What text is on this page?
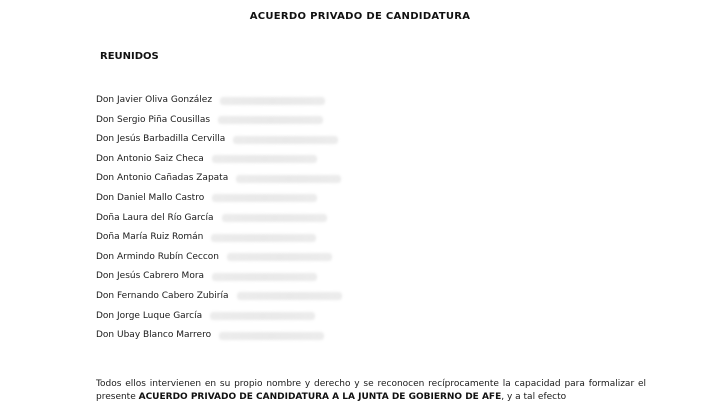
ACUERDO PRIVADO DE CANDIDATURA
REUNIDOS
Don Javier Oliva González
Don Sergio Piña Cousillas
Don Jesús Barbadilla Cervilla
Don Antonio Saiz Checa
Don Antonio Cañadas Zapata
Don Daniel Mallo Castro
Doña Laura del Río García
Doña María Ruiz Román
Don Armindo Rubín Ceccon
Don Jesús Cabrero Mora
Don Fernando Cabero Zubiría
Don Jorge Luque García
Don Ubay Blanco Marrero

Todos ellos intervienen en su propio nombre y derecho y se reconocen recíprocamente la capacidad para formalizar el presente ACUERDO PRIVADO DE CANDIDATURA A LA JUNTA DE GOBIERNO DE AFE, y a tal efecto
